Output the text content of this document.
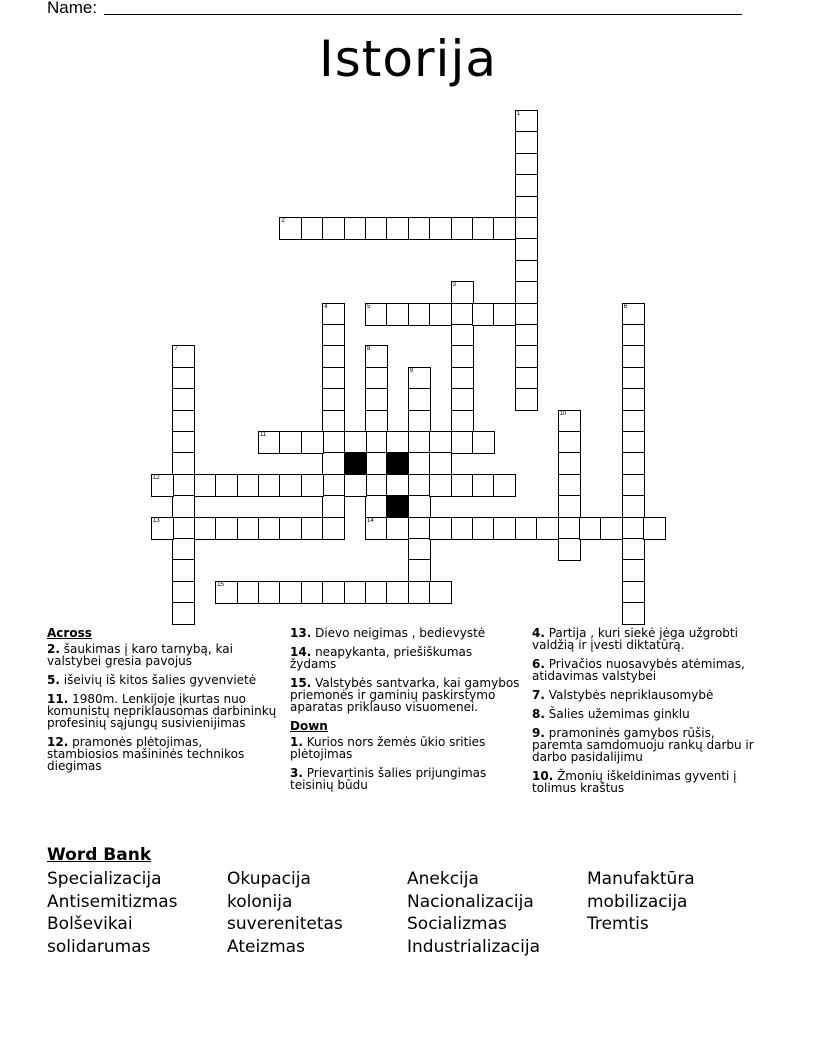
Name:
Istorija
1
2
3
4	5	6
7	8
9
10
11
12
13	14
15
Across
2. šaukimas į karo tarnybą, kai valstybei gresia pavojus
5. išeivių iš kitos šalies gyvenvietė
11. 1980m. Lenkijoje įkurtas nuo komunistų nepriklausomas darbininkų profesinių sąjungų susivienijimas
12. pramonės plėtojimas, stambiosios mašininės technikos diegimas
13. Dievo neigimas , bedievystė
14. neapykanta, priešiškumas žydams
15. Valstybės santvarka, kai gamybos priemonės ir gaminių paskirstymo aparatas priklauso visuomenei.
Down
1. Kurios nors žemės ūkio srities plėtojimas
3. Prievartinis šalies prijungimas teisinių būdu
4. Partija , kuri siekė jėga užgrobti valdžią ir įvesti diktatūrą.
6. Privačios nuosavybės atėmimas, atidavimas valstybei
7. Valstybės nepriklausomybė
8. Šalies užemimas ginklu
9. pramoninės gamybos rūšis, paremta samdomuoju rankų darbu ir darbo pasidalijimu
10. Žmonių iškeldinimas gyventi į tolimus kraštus
Word Bank
Specializacija
Antisemitizmas
Bolševikai
solidarumas
Okupacija
kolonija
suverenitetas
Ateizmas
Anekcija
Nacionalizacija
Socializmas
Industrializacija
Manufaktūra
mobilizacija
Tremtis
